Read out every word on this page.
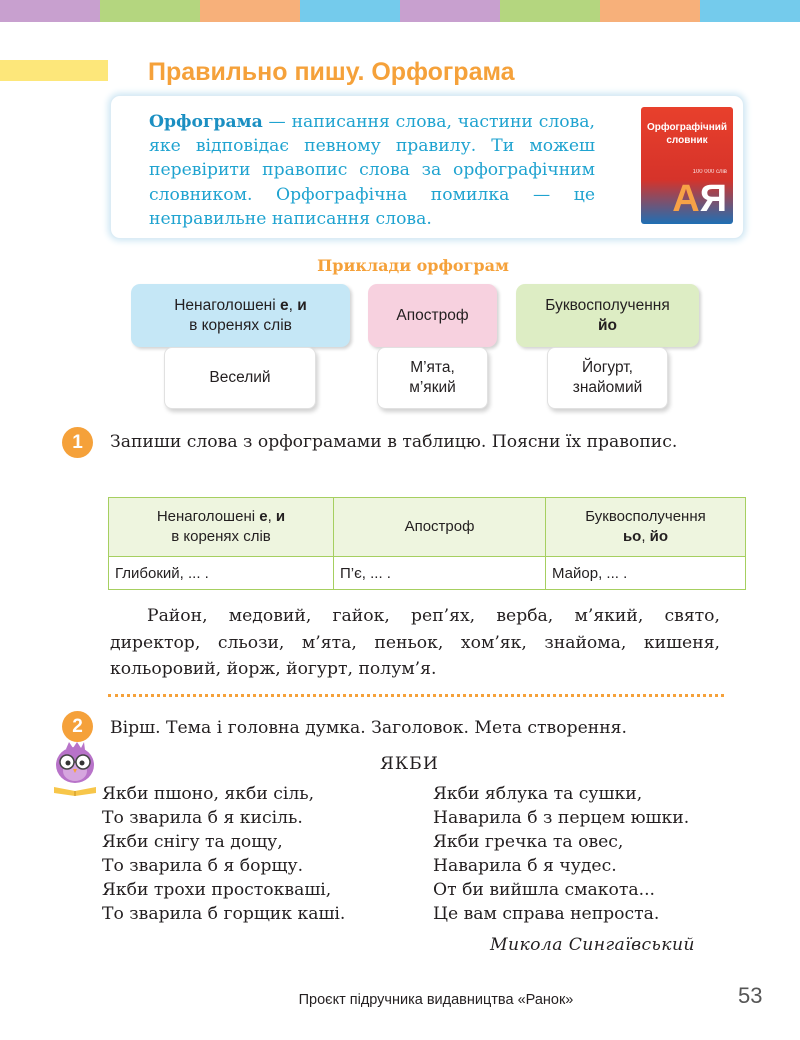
Правильно пишу. Орфограма
Орфограма — написання слова, частини слова, яке відповідає певному правилу. Ти можеш перевірити правопис слова за орфографічним словником. Орфографічна помилка — це неправильне написання слова.
Орфографічний
словник
100 000 слів
АЯ
Приклади орфограм
Ненаголошені е, и
в коренях слів
Апостроф
Буквосполучення
йо
Веселий
М’ята,
м’який
Йогурт,
знайомий
1	Запиши слова з орфограмами в таблицю. Поясни їх правопис.
Ненаголошені е, и
в коренях слів	Апостроф	Буквосполучення
ьо, йо
Глибокий, ... .	П’є, ... .	Майор, ... .
Район, медовий, гайок, реп’ях, верба, м’який, свято, директор, сльози, м’ята, пеньок, хом’як, знайома, кишеня, кольоровий, йорж, йогурт, полум’я.
2	Вірш. Тема і головна думка. Заголовок. Мета створення.
ЯКБИ
Якби пшоно, якби сіль,
То зварила б я кисіль.
Якби снігу та дощу,
То зварила б я борщу.
Якби трохи простокваші,
То зварила б горщик каші.
Якби яблука та сушки,
Наварила б з перцем юшки.
Якби гречка та овес,
Наварила б я чудес.
От би вийшла смакота...
Це вам справа непроста.
Микола Сингаївський
Проєкт підручника видавництва «Ранок»	53
